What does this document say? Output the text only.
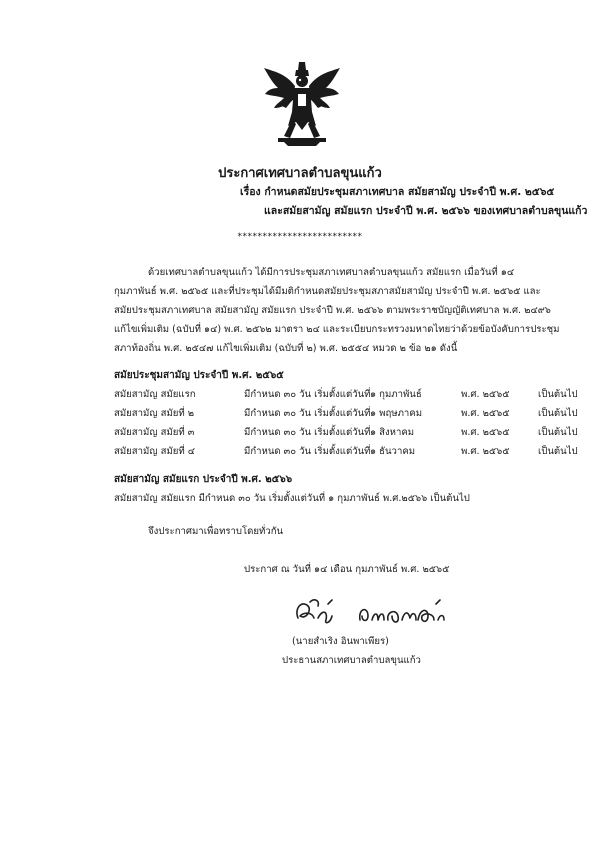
ประกาศเทศบาลตำบลขุนแก้ว
เรื่อง กำหนดสมัยประชุมสภาเทศบาล สมัยสามัญ ประจำปี พ.ศ. ๒๕๖๕
และสมัยสามัญ สมัยแรก ประจำปี พ.ศ. ๒๕๖๖ ของเทศบาลตำบลขุนแก้ว
*************************
ด้วยเทศบาลตำบลขุนแก้ว ได้มีการประชุมสภาเทศบาลตำบลขุนแก้ว สมัยแรก เมื่อวันที่ ๑๔
กุมภาพันธ์ พ.ศ. ๒๕๖๕ และที่ประชุมได้มีมติกำหนดสมัยประชุมสภาสมัยสามัญ ประจำปี พ.ศ. ๒๕๖๕ และ
สมัยประชุมสภาเทศบาล สมัยสามัญ สมัยแรก ประจำปี พ.ศ. ๒๕๖๖ ตามพระราชบัญญัติเทศบาล พ.ศ. ๒๔๙๖
แก้ไขเพิ่มเติม (ฉบับที่ ๑๔) พ.ศ. ๒๕๖๒ มาตรา ๒๔ และระเบียบกระทรวงมหาดไทยว่าด้วยข้อบังคับการประชุม
สภาท้องถิ่น พ.ศ. ๒๕๔๗ แก้ไขเพิ่มเติม (ฉบับที่ ๒) พ.ศ. ๒๕๕๔ หมวด ๒ ข้อ ๒๑ ดังนี้
สมัยประชุมสามัญ ประจำปี พ.ศ. ๒๕๖๕
สมัยสามัญ สมัยแรก	มีกำหนด ๓๐ วัน เริ่มตั้งแต่วันที่ ๑ กุมภาพันธ์	พ.ศ. ๒๕๖๕	เป็นต้นไป
สมัยสามัญ สมัยที่ ๒	มีกำหนด ๓๐ วัน เริ่มตั้งแต่วันที่ ๑ พฤษภาคม	พ.ศ. ๒๕๖๕	เป็นต้นไป
สมัยสามัญ สมัยที่ ๓	มีกำหนด ๓๐ วัน เริ่มตั้งแต่วันที่ ๑ สิงหาคม	พ.ศ. ๒๕๖๕	เป็นต้นไป
สมัยสามัญ สมัยที่ ๔	มีกำหนด ๓๐ วัน เริ่มตั้งแต่วันที่ ๑ ธันวาคม	พ.ศ. ๒๕๖๕	เป็นต้นไป
สมัยสามัญ สมัยแรก ประจำปี พ.ศ. ๒๕๖๖
สมัยสามัญ สมัยแรก มีกำหนด ๓๐ วัน เริ่มตั้งแต่วันที่ ๑ กุมภาพันธ์ พ.ศ.๒๕๖๖ เป็นต้นไป
จึงประกาศมาเพื่อทราบโดยทั่วกัน
ประกาศ ณ วันที่ ๑๔ เดือน กุมภาพันธ์ พ.ศ. ๒๕๖๕
(นายสำเริง อินพาเพียร)
ประธานสภาเทศบาลตำบลขุนแก้ว
